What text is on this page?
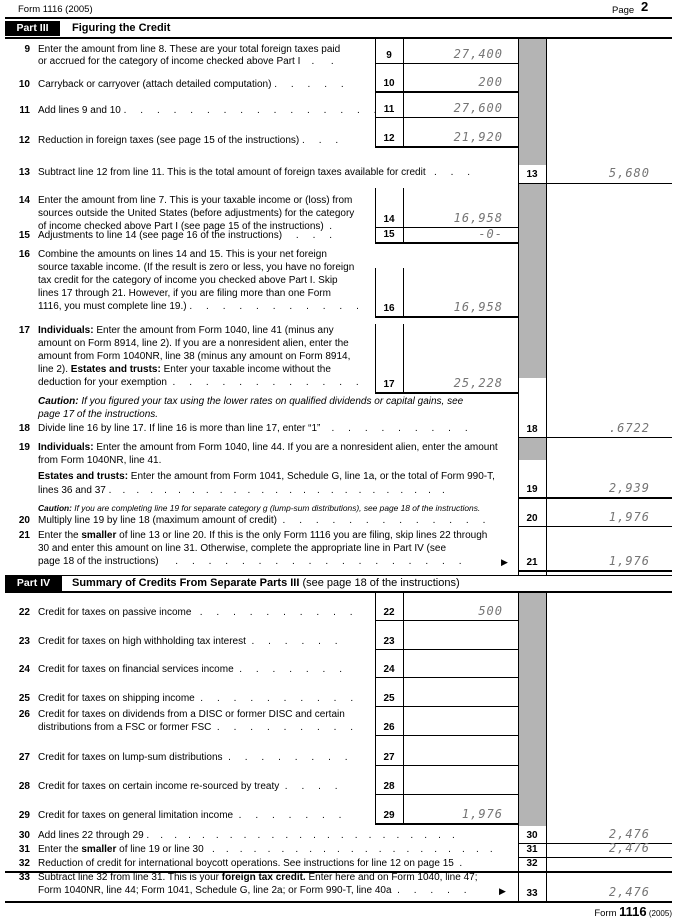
Form 1116 (2005)	Page 2
Part III	Figuring the Credit
Part IV	Summary of Credits From Separate Parts III (see page 18 of the instructions)
9 Enter the amount from line 8. These are your total foreign taxes paid
or accrued for the category of income checked above Part I    .      .
9	27,400
10 Carryback or carryover (attach detailed computation) .     .     .     .     .	10	200
11 Add lines 9 and 10 .     .     .     .     .     .     .     .     .     .     .     .     .     .     .     . 11	27,600
12 Reduction in foreign taxes (see page 15 of the instructions) .     .     .	12	21,920
13 Subtract line 12 from line 11. This is the total amount of foreign taxes available for credit   .     .     .	13	5,680
14 Enter the amount from line 7. This is your taxable income or (loss) from
sources outside the United States (before adjustments) for the category
of income checked above Part I (see page 15 of the instructions)  .
14	16,958
15 Adjustments to line 14 (see page 16 of the instructions)     .     .     .	15	-0-
16 Combine the amounts on lines 14 and 15. This is your net foreign
source taxable income. (If the result is zero or less, you have no foreign
tax credit for the category of income you checked above Part I. Skip
lines 17 through 21. However, if you are filing more than one Form
1116, you must complete line 19.) .     .     .     .     .     .     .     .     .     .     .	16	16,958
17 Individuals: Enter the amount from Form 1040, line 41 (minus any
amount on Form 8914, line 2). If you are a nonresident alien, enter the
amount from Form 1040NR, line 38 (minus any amount on Form 8914,
line 2). Estates and trusts: Enter your taxable income without the
deduction for your exemption  .     .     .     .     .     .     .     .     .     .     .     .	17	25,228
Caution: If you figured your tax using the lower rates on qualified dividends or capital gains, see
page 17 of the instructions.
18 Divide line 16 by line 17. If line 16 is more than line 17, enter “1”    .     .     .     .     .     .     .     .     .	18	.6722
19 Individuals: Enter the amount from Form 1040, line 44. If you are a nonresident alien, enter the amount
from Form 1040NR, line 41.
Estates and trusts: Enter the amount from Form 1041, Schedule G, line 1a, or the total of Form 990-T,
lines 36 and 37 .    .    .    .    .    .    .    .    .    .    .    .    .    .    .    .    .    .    .    .    .    .    .    .    .	19	2,939
Caution: If you are completing line 19 for separate category g (lump-sum distributions), see page 18 of the instructions.
20 Multiply line 19 by line 18 (maximum amount of credit)  .     .     .     .     .     .     .     .     .     .     .     .     .	20	1,976
21 Enter the smaller of line 13 or line 20. If this is the only Form 1116 you are filing, skip lines 22 through
30 and enter this amount on line 31. Otherwise, complete the appropriate line in Part IV (see
page 18 of the instructions)      .     .     .     .     .     .     .     .     .     .     .     .     .     .     .     .     .     .	▶	21	1,976
22 Credit for taxes on passive income   .     .     .     .     .     .     .     .     .     .	22	500
23 Credit for taxes on high withholding tax interest  .     .     .     .     .     .	23
24 Credit for taxes on financial services income  .     .     .     .     .     .     .	24
25 Credit for taxes on shipping income  .     .     .     .     .     .     .     .     .     .	25
26 Credit for taxes on dividends from a DISC or former DISC and certain
distributions from a FSC or former FSC  .     .     .     .     .     .     .     .     .	26
27 Credit for taxes on lump-sum distributions  .     .     .     .     .     .     .     .	27
28 Credit for taxes on certain income re-sourced by treaty  .     .     .     .	28
29 Credit for taxes on general limitation income  .     .     .     .     .     .     .	29	1,976
30 Add lines 22 through 29 .    .    .    .    .    .    .    .    .    .    .    .    .    .    .    .    .    .    .    .    .    .    .	30	2,476
31 Enter the smaller of line 19 or line 30   .    .    .    .    .    .    .    .    .    .    .    .    .    .    .    .    .    .    .    .    .	31	2,476
32 Reduction of credit for international boycott operations. See instructions for line 12 on page 15  .	32
33 Subtract line 32 from line 31. This is your foreign tax credit. Enter here and on Form 1040, line 47;
Form 1040NR, line 44; Form 1041, Schedule G, line 2a; or Form 990-T, line 40a  .     .     .     .     .	▶	33	2,476
Form 1116 (2005)
